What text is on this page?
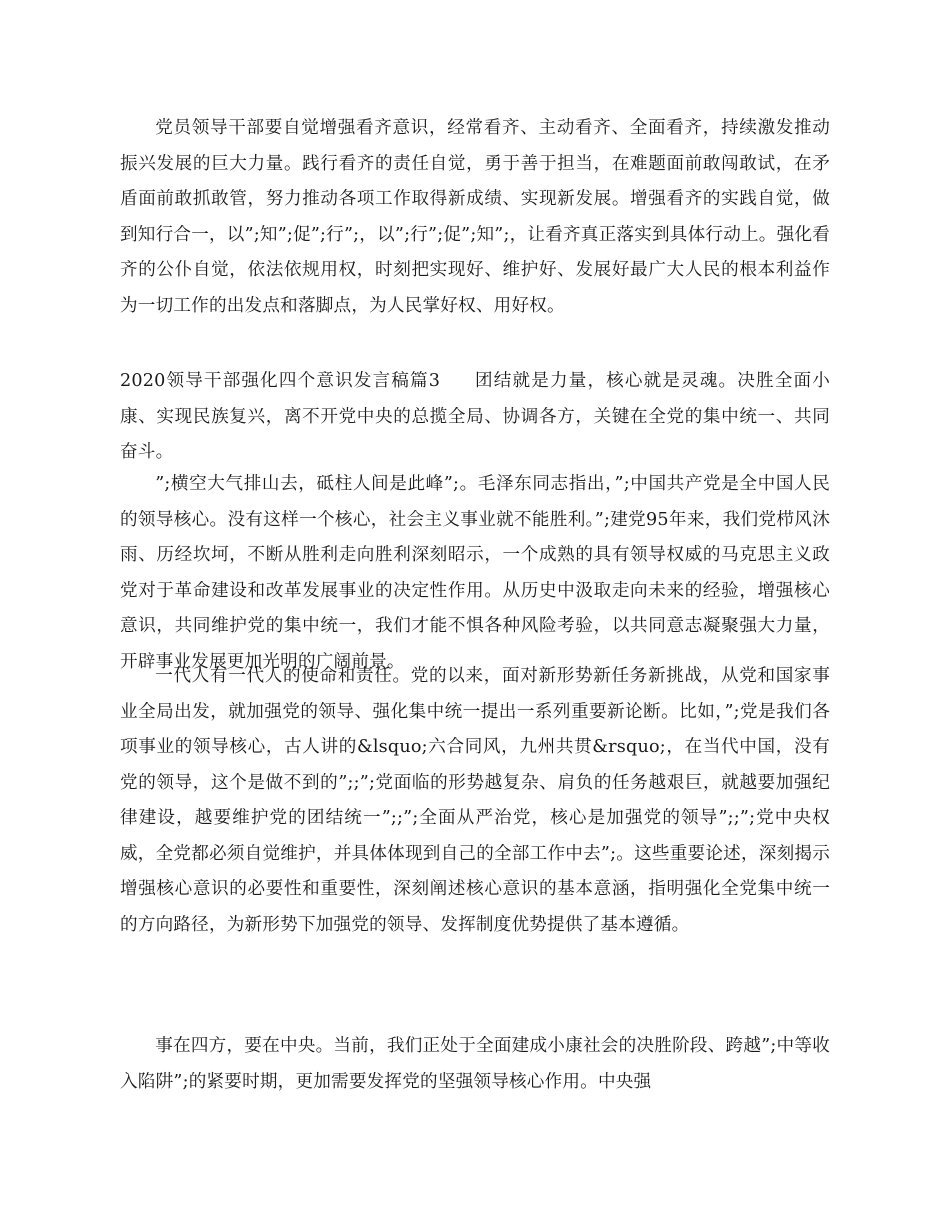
党员领导干部要自觉增强看齐意识，经常看齐、主动看齐、全面看齐，持续激发推动振兴发展的巨大力量。践行看齐的责任自觉，勇于善于担当，在难题面前敢闯敢试，在矛盾面前敢抓敢管，努力推动各项工作取得新成绩、实现新发展。增强看齐的实践自觉，做到知行合一，以”;知”;促”;行”;，以”;行”;促”;知”;，让看齐真正落实到具体行动上。强化看齐的公仆自觉，依法依规用权，时刻把实现好、维护好、发展好最广大人民的根本利益作为一切工作的出发点和落脚点，为人民掌好权、用好权。

2020领导干部强化四个意识发言稿篇3 团结就是力量，核心就是灵魂。决胜全面小康、实现民族复兴，离不开党中央的总揽全局、协调各方，关键在全党的集中统一、共同奋斗。

”;横空大气排山去，砥柱人间是此峰”;。毛泽东同志指出，”;中国共产党是全中国人民的领导核心。没有这样一个核心，社会主义事业就不能胜利。”;建党95年来，我们党栉风沐雨、历经坎坷，不断从胜利走向胜利深刻昭示，一个成熟的具有领导权威的马克思主义政党对于革命建设和改革发展事业的决定性作用。从历史中汲取走向未来的经验，增强核心意识，共同维护党的集中统一，我们才能不惧各种风险考验，以共同意志凝聚强大力量，开辟事业发展更加光明的广阔前景。

一代人有一代人的使命和责任。党的以来，面对新形势新任务新挑战，从党和国家事业全局出发，就加强党的领导、强化集中统一提出一系列重要新论断。比如，”;党是我们各项事业的领导核心，古人讲的&lsquo;六合同风，九州共贯&rsquo;，在当代中国，没有党的领导，这个是做不到的”;;”;党面临的形势越复杂、肩负的任务越艰巨，就越要加强纪律建设，越要维护党的团结统一”;;”;全面从严治党，核心是加强党的领导”;;”;党中央权威，全党都必须自觉维护，并具体体现到自己的全部工作中去”;。这些重要论述，深刻揭示增强核心意识的必要性和重要性，深刻阐述核心意识的基本意涵，指明强化全党集中统一的方向路径，为新形势下加强党的领导、发挥制度优势提供了基本遵循。

事在四方，要在中央。当前，我们正处于全面建成小康社会的决胜阶段、跨越”;中等收入陷阱”;的紧要时期，更加需要发挥党的坚强领导核心作用。中央强
